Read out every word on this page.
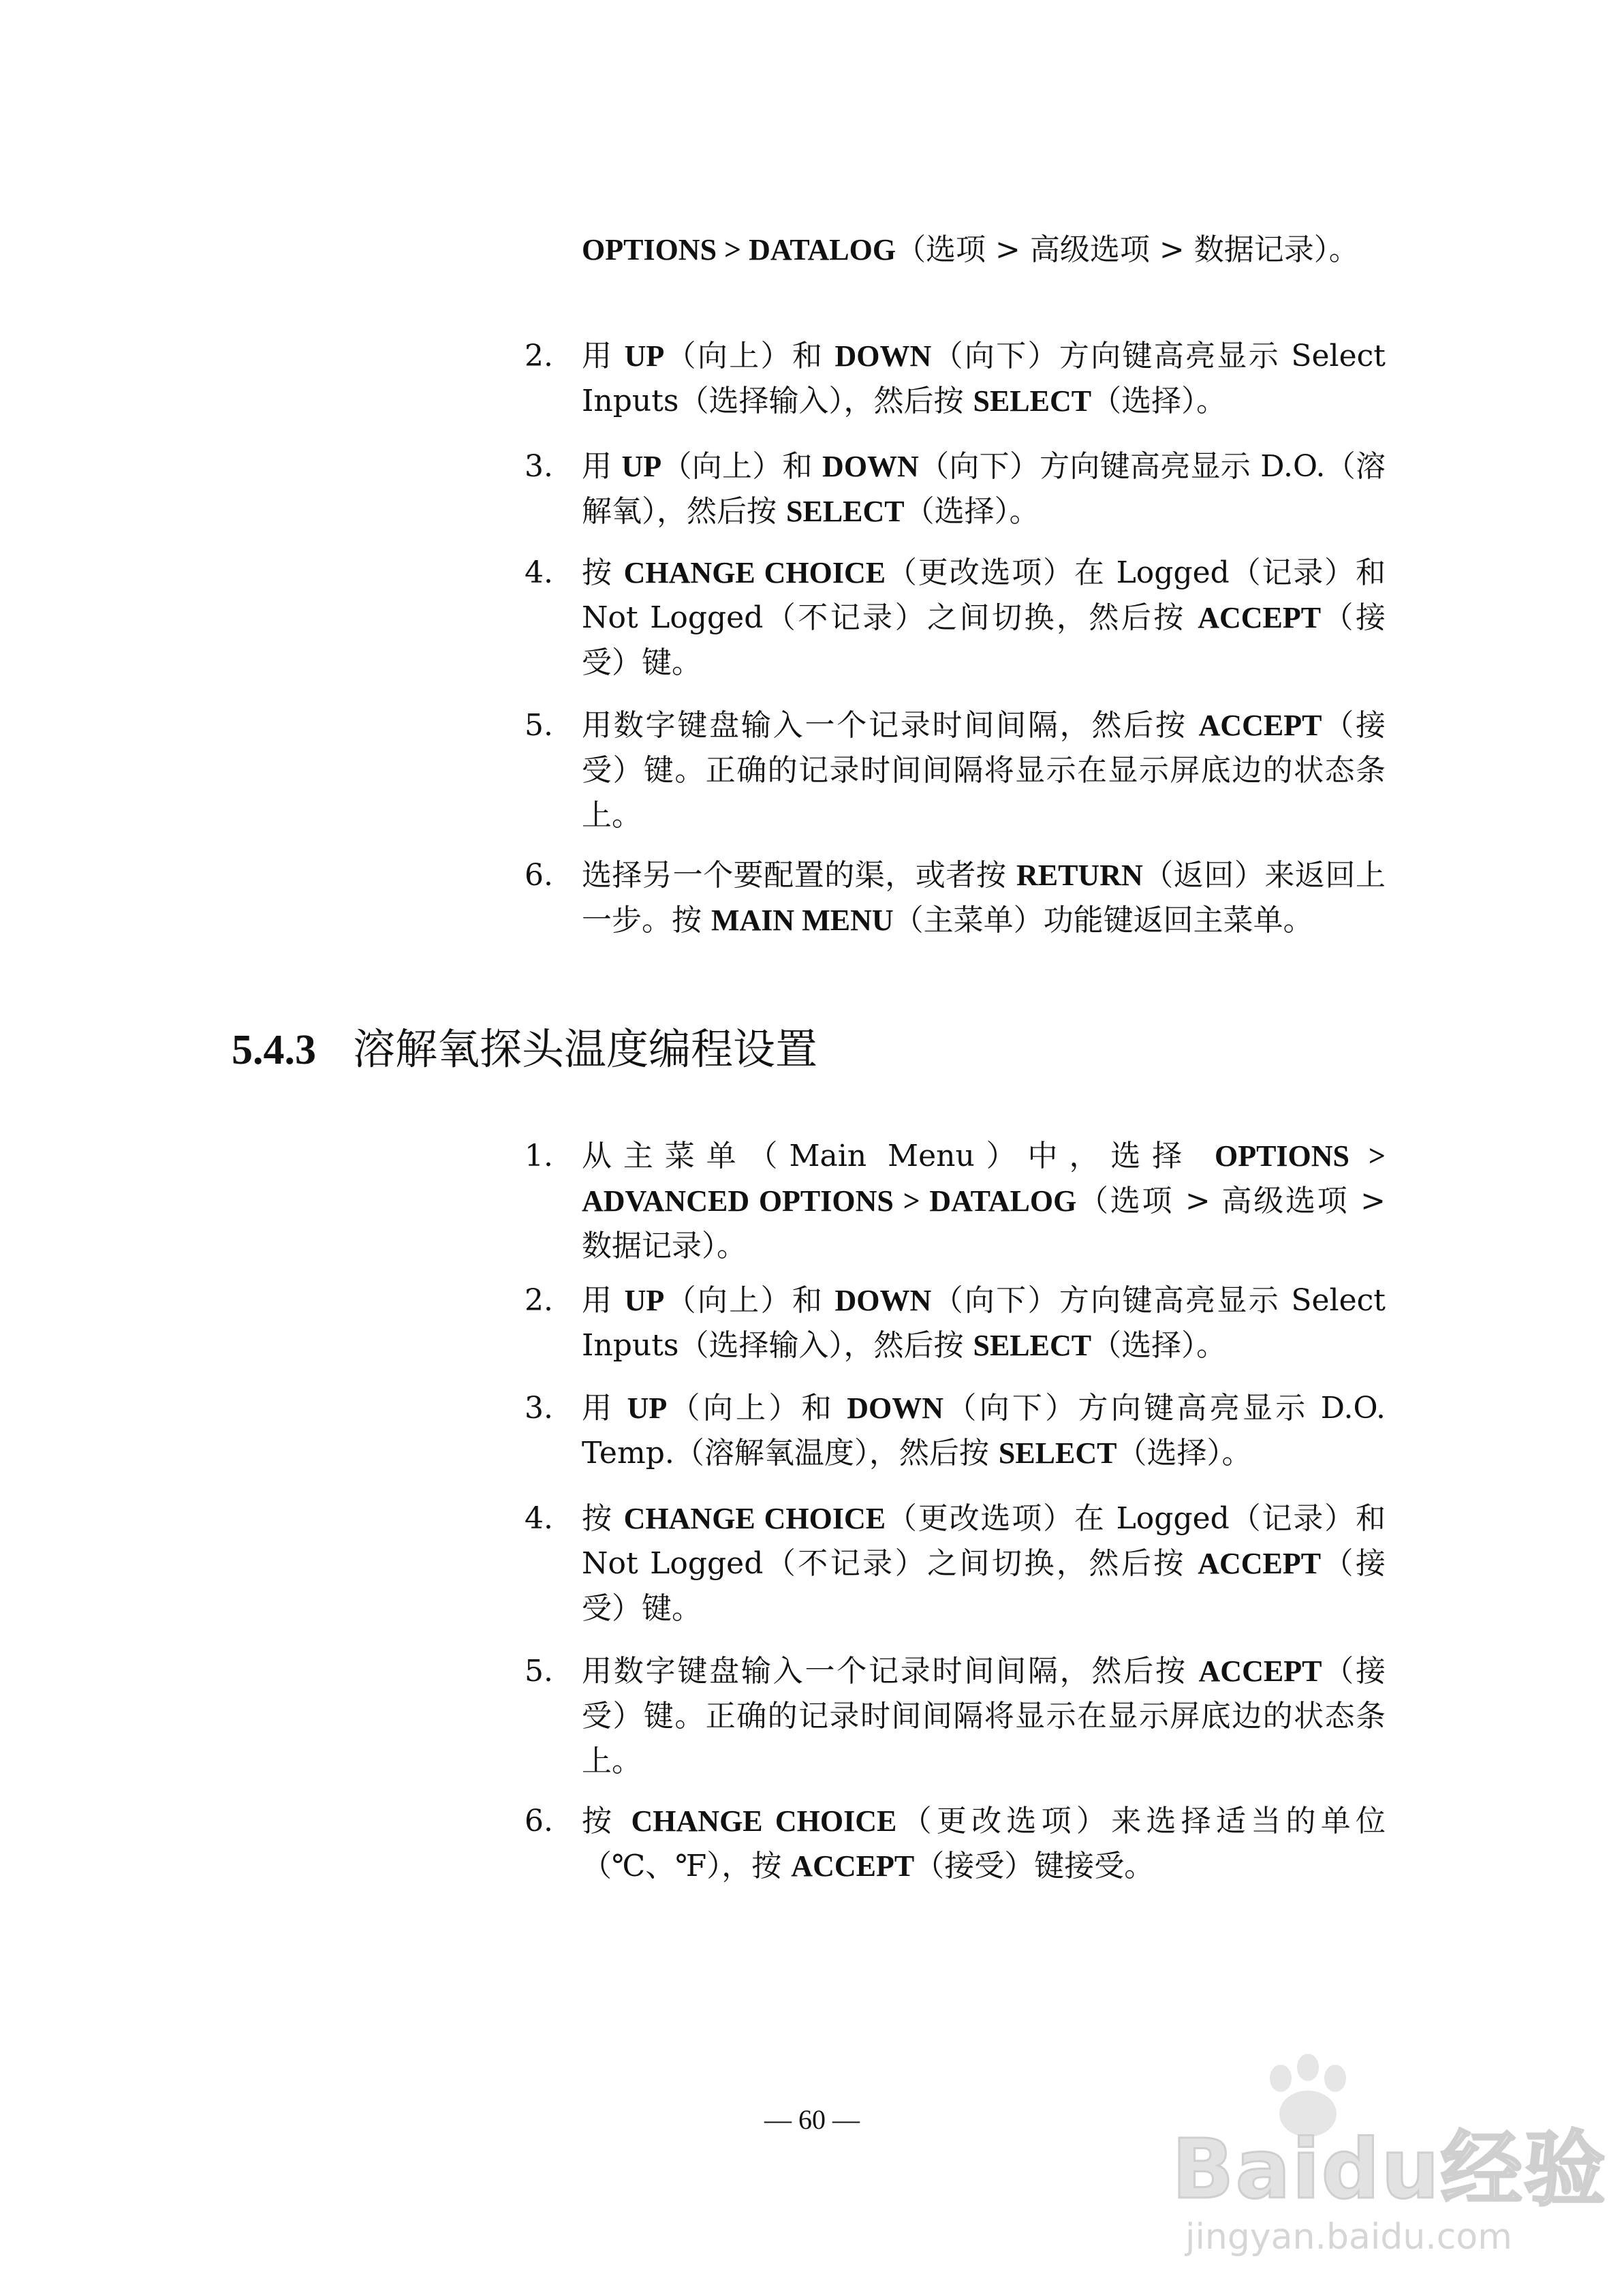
OPTIONS > DATALOG（选项 > 高级选项 > 数据记录）。
2. 用 UP（向上）和 DOWN（向下）方向键高亮显示 Select Inputs（选择输入），然后按 SELECT（选择）。
3. 用 UP（向上）和 DOWN（向下）方向键高亮显示 D.O.（溶解氧），然后按 SELECT（选择）。
4. 按 CHANGE CHOICE（更改选项）在 Logged（记录）和 Not Logged（不记录）之间切换，然后按 ACCEPT（接受）键。
5. 用数字键盘输入一个记录时间间隔，然后按 ACCEPT（接受）键。正确的记录时间间隔将显示在显示屏底边的状态条上。
6. 选择另一个要配置的渠，或者按 RETURN（返回）来返回上一步。按 MAIN MENU（主菜单）功能键返回主菜单。
5.4.3 溶解氧探头温度编程设置
1. 从主菜单（Main Menu）中，选择 OPTIONS > ADVANCED OPTIONS > DATALOG（选项 > 高级选项 > 数据记录）。
2. 用 UP（向上）和 DOWN（向下）方向键高亮显示 Select Inputs（选择输入），然后按 SELECT（选择）。
3. 用 UP（向上）和 DOWN（向下）方向键高亮显示 D.O. Temp.（溶解氧温度），然后按 SELECT（选择）。
4. 按 CHANGE CHOICE（更改选项）在 Logged（记录）和 Not Logged（不记录）之间切换，然后按 ACCEPT（接受）键。
5. 用数字键盘输入一个记录时间间隔，然后按 ACCEPT（接受）键。正确的记录时间间隔将显示在显示屏底边的状态条上。
6. 按 CHANGE CHOICE（更改选项）来选择适当的单位（℃、℉），按 ACCEPT（接受）键接受。
— 60 —
Baidu经验
jingyan.baidu.com
